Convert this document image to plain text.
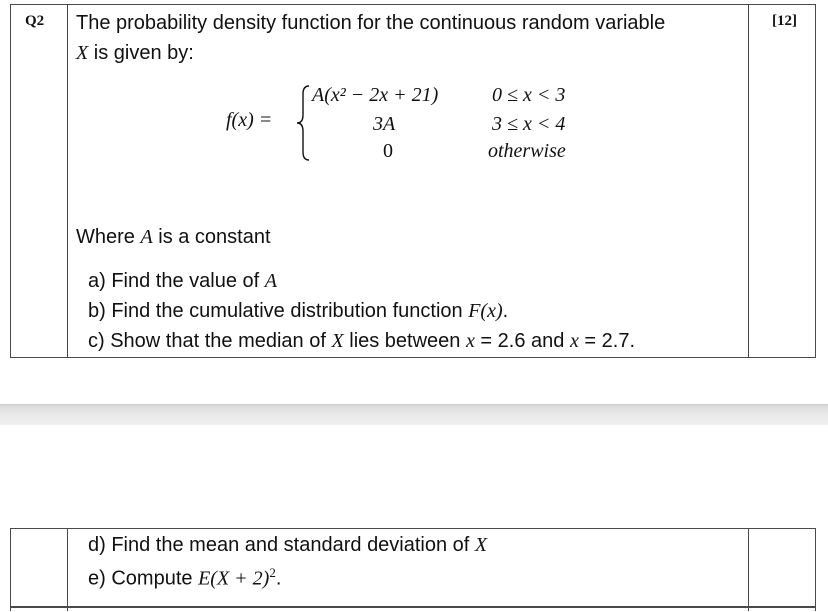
Q2	[12]
The probability density function for the continuous random variable
X is given by:
f(x) =
A(x² − 2x + 21)	0 ≤ x < 3
3A	3 ≤ x < 4
0	otherwise
Where A is a constant
a) Find the value of A
b) Find the cumulative distribution function F(x).
c) Show that the median of X lies between x = 2.6 and x = 2.7.
d) Find the mean and standard deviation of X
e) Compute $E(X + 2)^2$.
